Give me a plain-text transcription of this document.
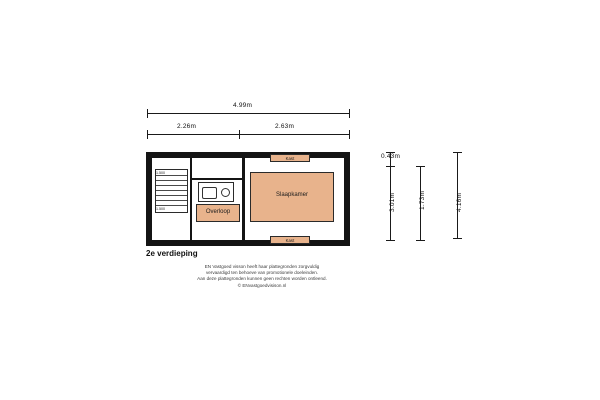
4.99m
2.26m	2.63m
0.43m
3.01m	1.73m	4.16m
1.500
1.500	Overloop
Slaapkamer
Kast
Kast
2e verdieping
EN Vastgoed visson heeft haar plattegronden zorgvuldig
vervaardigd ten behoeve van promotionele doeleinden.
Aan deze plattegronden kunnen geen rechten worden ontleend.
© ENvastgoedvisison.nl
